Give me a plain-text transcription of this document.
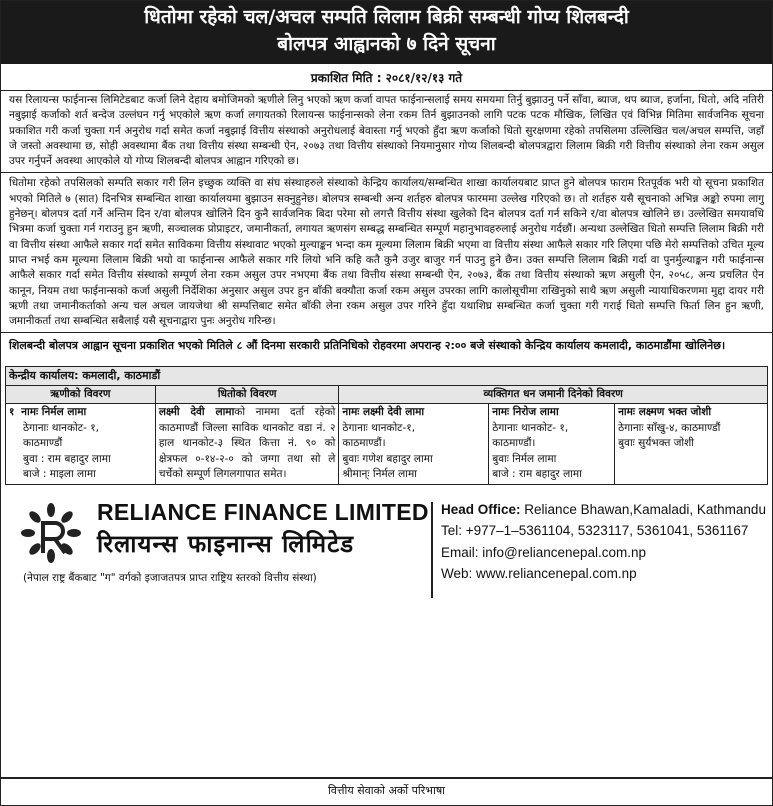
धितोमा रहेको चल/अचल सम्पति लिलाम बिक्री सम्बन्धी गोप्य शिलबन्दी
बोलपत्र आह्वानको ७ दिने सूचना
प्रकाशित मिति : २०८१/१२/१३ गते

यस रिलायन्स फाईनान्स लिमिटेडबाट कर्जा लिने देहाय बमोजिमको ऋणीले लिनु भएको ऋण कर्जा वापत फाईनान्सलाई समय समयमा तिर्नु बुझाउनु पर्ने साँवा, ब्याज, थप ब्याज, हर्जाना, धितो, अदि नतिरी नबुझाई कर्जाको शर्त बन्देज उल्लंघन गर्नु भएकोले ऋण कर्जा लगायतको रिलायन्स फाईनान्सको लेना रकम तिर्न बुझाउनको लागि पटक पटक मौखिक, लिखित एवं विभिन्न मितिमा सार्वजनिक सूचना प्रकाशित गरी कर्जा चुक्ता गर्न अनुरोध गर्दा समेत कर्जा नबुझाई वित्तीय संस्थाको अनुरोधलाई बेवास्ता गर्नु भएको हुँदा ऋण कर्जाको धितो सुरक्षणमा रहेको तपसिलमा उल्लिखित चल/अचल सम्पत्ति, जहाँ जे जस्तो अवस्थामा छ, सोही अवस्थामा बैंक तथा वित्तीय संस्था सम्बन्धी ऐन, २०७३ तथा वित्तीय संस्थाको नियमानुसार गोप्य शिलबन्दी बोलपत्रद्वारा लिलाम बिक्री गरी वित्तीय संस्थाको लेना रकम असुल उपर गर्नुपर्ने अवस्था आएकोले यो गोप्य शिलबन्दी बोलपत्र आह्वान गरिएको छ।

धितोमा रहेको तपसिलको सम्पति सकार गरी लिन इच्छुक व्यक्ति वा संघ संस्थाहरुले संस्थाको केन्द्रिय कार्यालय/सम्बन्धित शाखा कार्यालयबाट प्राप्त हुने बोलपत्र फाराम रितपूर्वक भरी यो सूचना प्रकाशित भएको मितिले ७ (सात) दिनभित्र सम्बन्धित शाखा कार्यालयमा बुझाउन सक्नुहुनेछ। बोलपत्र सम्बन्धी अन्य शर्तहरु बोलपत्र फारममा उल्लेख गरिएको छ। तो शर्तहरु यसै सूचनाको अभिन्न अङ्को रुपमा लागु हुनेछन्। बोलपत्र दर्ता गर्ने अन्तिम दिन र/वा बोलपत्र खोलिने दिन कुनै सार्वजनिक बिदा परेमा सो लगत्तै वित्तीय संस्था खुलेको दिन बोलपत्र दर्ता गर्न सकिने र/वा बोलपत्र खोलिने छ। उल्लेखित समयावधि भित्रमा कर्जा चुक्ता गर्न गराउनु हुन ऋणी, सञ्चालक प्रोप्राइटर, जमानीकर्ता, लगायत ऋणसंग सम्बद्ध सम्बन्धित सम्पूर्ण महानुभावहरुलाई अनुरोध गर्दछौं। अन्यथा उल्लेखित धितो सम्पत्ति लिलाम बिक्री गरी वा वित्तीय संस्था आफैले सकार गर्दा समेत साविकमा वित्तीय संस्थावाट भएको मुल्याङ्कन भन्दा कम मूल्यमा लिलाम बिक्री भएमा वा वित्तीय संस्था आफैले सकार गरि लिएमा पछि मेरो सम्पत्तिको उचित मूल्य प्राप्त नभई कम मूल्यमा लिलाम बिक्री भयो वा फाईनान्स आफैले सकार गरि लियो भनि कहि कतै कुनै उजुर बाजुर गर्न पाउनु हुने छैन। उक्त सम्पत्ति लिलाम बिक्री गर्दा वा पुनर्मुल्याङ्कन गरी फाईनान्स आफैले सकार गर्दा समेत वित्तीय संस्थाको सम्पूर्ण लेना रकम असुल उपर नभएमा बैंक तथा वित्तीय संस्था सम्बन्धी ऐन, २०७३, बैंक तथा वित्तीय संस्थाको ऋण असुली ऐन, २०५८, अन्य प्रचलित ऐन कानून, नियम तथा फाईनान्सको कर्जा असुली निर्देशिका अनुसार असुल उपर हुन बाँकी बक्यौता कर्जा रकम असुल उपरका लागि कालोसूचीमा राखिनुको साथै ऋण असुली न्यायाधिकरणमा मुद्दा दायर गरी ऋणी तथा जमानीकर्ताको अन्य चल अचल जायजेथा श्री सम्पत्तिबाट समेत बाँकी लेना रकम असुल उपर गरिने हुँदा यथाशिघ्र सम्बन्धित कर्जा चुक्ता गरी गराई धितो सम्पत्ति फिर्ता लिन हुन ऋणी, जमानीकर्ता तथा सम्बन्धित सबैलाई यसै सूचनाद्वारा पुनः अनुरोध गरिन्छ।

शिलबन्दी बोलपत्र आह्वान सूचना प्रकाशित भएको मितिले ८ औं दिनमा सरकारी प्रतिनिधिको रोहवरमा अपरान्ह २:०० बजे संस्थाको केन्द्रिय कार्यालय कमलादी, काठमाडौंमा खोलिनेछ।

केन्द्रीय कार्यालय: कमलादी, काठमाडौं				
ऋणीको विवरण	धितोको विवरण	व्यक्तिगत धन जमानी दिनेको विवरण		

१ नामः निर्मल लामा
ठेगानाः थानकोट- १,
काठमाण्डौं
बुवा : राम बहादुर लामा
बाजे : माइला लामा	लक्ष्मी देवी लामाको नाममा दर्ता रहेको काठमाण्डौं जिल्ला साविक थानकोट वडा नं. २ हाल थानकोट-३ स्थित कित्ता नं. ९० को क्षेत्रफल ०-१४-२-० को जग्गा तथा सो ले चर्चेको सम्पूर्ण लिगलगापात समेत।	नामः लक्ष्मी देवी लामा
ठेगानाः थानकोट-१,
काठमाण्डौं।
बुवाः गणेश बहादुर लामा
श्रीमान्‌ः निर्मल लामा	नामः निरोज लामा
ठेगानाः थानकोट- १,
काठमाण्डौं।
बुवाः निर्मल लामा
बाजे : राम बहादुर लामा	नामः लक्ष्मण भक्त जोशी
ठेगानाः साँखु-४, काठमाण्डौं
बुवाः सुर्यभक्त जोशी
RELIANCE FINANCE LIMITED
रिलायन्स फाइनान्स लिमिटेड
(नेपाल राष्ट्र बैंकबाट "ग" वर्गको इजाजतपत्र प्राप्त राष्ट्रिय स्तरको वित्तीय संस्था)
Head Office: Reliance Bhawan,Kamaladi, Kathmandu
Tel: +977–1–5361104, 5323117, 5361041, 5361167
Email: info@reliancenepal.com.np
Web: www.reliancenepal.com.np
वित्तीय सेवाको अर्को परिभाषा
